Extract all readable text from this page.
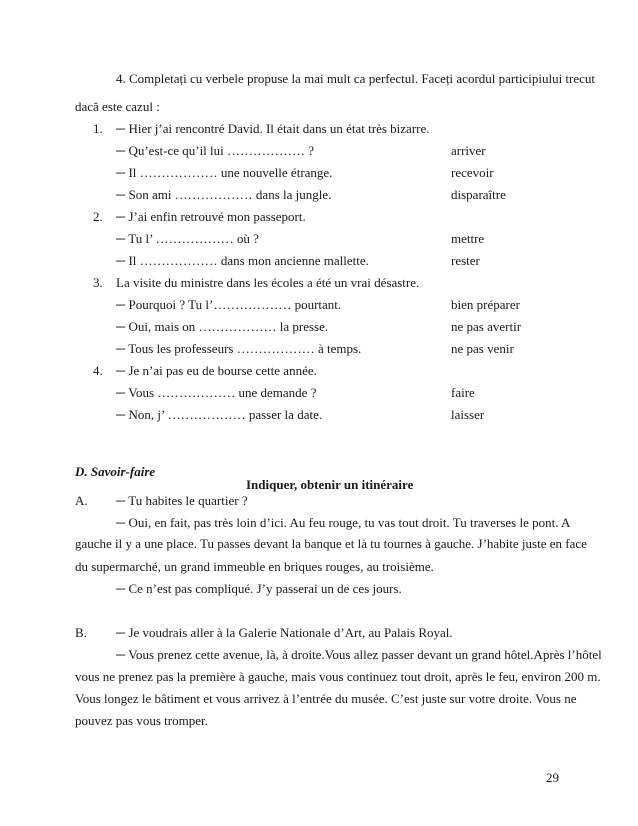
4. Completați cu verbele propuse la mai mult ca perfectul. Faceți acordul participiului trecut
dacă este cazul :
1. ─ Hier j’ai rencontré David. Il était dans un état très bizarre.
─ Qu’est-ce qu’il lui ……………… ?	arriver
─ Il ……………… une nouvelle étrange.	recevoir
─ Son ami ……………… dans la jungle.	disparaître
2. ─ J’ai enfin retrouvé mon passeport.
─ Tu l’ ……………… où ?	mettre
─ Il ……………… dans mon ancienne mallette.	rester
3. La visite du ministre dans les écoles a été un vrai désastre.
─ Pourquoi ? Tu l’……………… pourtant.	bien préparer
─ Oui, mais on ……………… la presse.	ne pas avertir
─ Tous les professeurs ……………… à temps.	ne pas venir
4. ─ Je n’ai pas eu de bourse cette année.
─ Vous ……………… une demande ?	faire
─ Non, j’ ……………… passer la date.	laisser
D. Savoir-faire
Indiquer, obtenir un itinéraire
A. ─ Tu habites le quartier ?
─ Oui, en fait, pas très loin d’ici. Au feu rouge, tu vas tout droit. Tu traverses le pont. A
gauche il y a une place. Tu passes devant la banque et là tu tournes à gauche. J’habite juste en face
du supermarché, un grand immeuble en briques rouges, au troisième.
─ Ce n’est pas compliqué. J’y passerai un de ces jours.
B. ─ Je voudrais aller à la Galerie Nationale d’Art, au Palais Royal.
─ Vous prenez cette avenue, là, à droite.Vous allez passer devant un grand hôtel.Après l’hôtel
vous ne prenez pas la première à gauche, mais vous continuez tout droit, après le feu, environ 200 m.
Vous longez le bâtiment et vous arrivez à l’entrée du musée. C’est juste sur votre droite. Vous ne
pouvez pas vous tromper.
29
